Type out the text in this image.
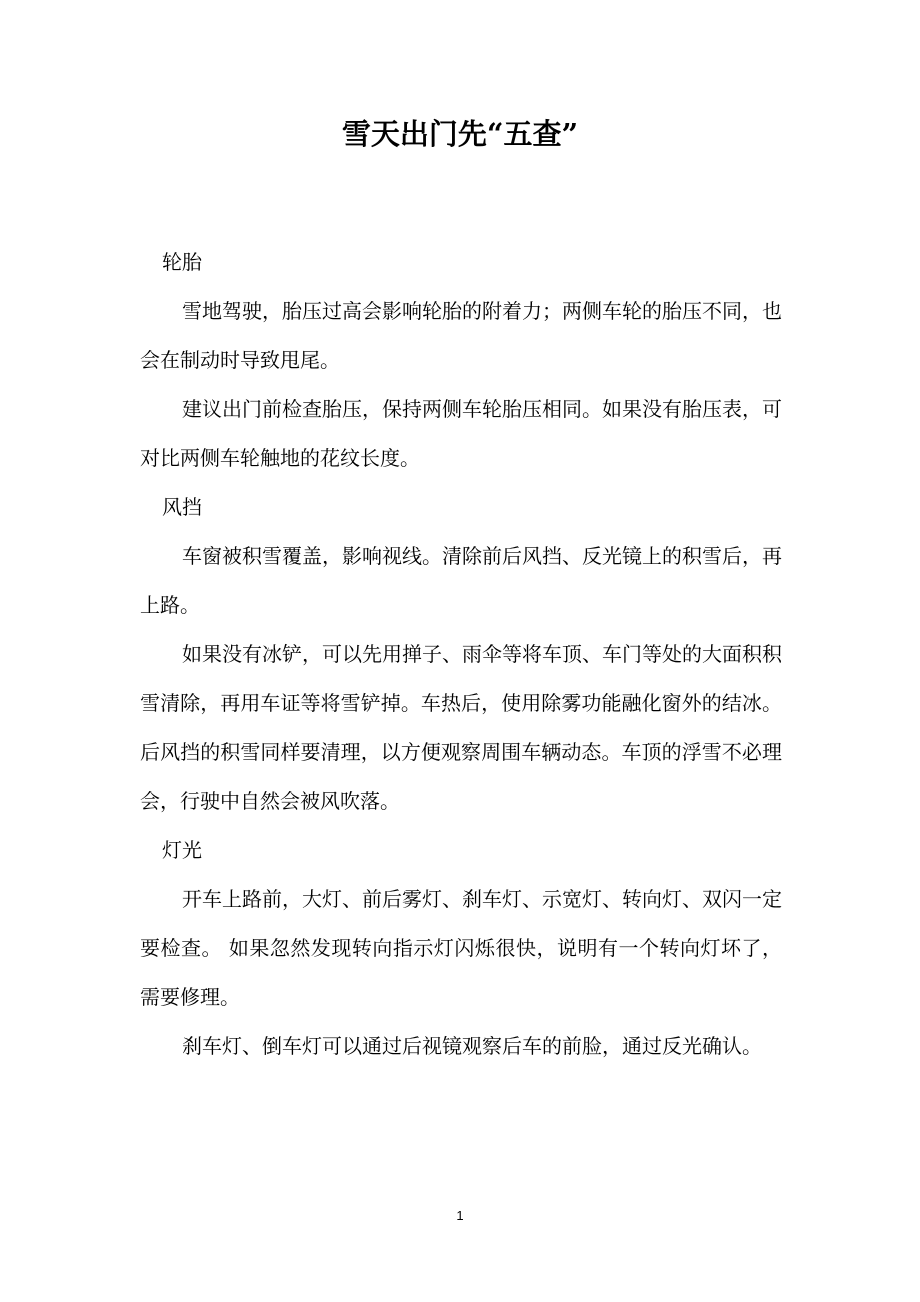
雪天出门先“五查”

轮胎

雪地驾驶，胎压过高会影响轮胎的附着力；两侧车轮的胎压不同，也会在制动时导致甩尾。

建议出门前检查胎压，保持两侧车轮胎压相同。如果没有胎压表，可对比两侧车轮触地的花纹长度。

风挡

车窗被积雪覆盖，影响视线。清除前后风挡、反光镜上的积雪后，再上路。

如果没有冰铲，可以先用掸子、雨伞等将车顶、车门等处的大面积积雪清除，再用车证等将雪铲掉。车热后，使用除雾功能融化窗外的结冰。后风挡的积雪同样要清理，以方便观察周围车辆动态。车顶的浮雪不必理会，行驶中自然会被风吹落。

灯光

开车上路前，大灯、前后雾灯、刹车灯、示宽灯、转向灯、双闪一定要检查。 如果忽然发现转向指示灯闪烁很快，说明有一个转向灯坏了，需要修理。

刹车灯、倒车灯可以通过后视镜观察后车的前脸，通过反光确认。

1
